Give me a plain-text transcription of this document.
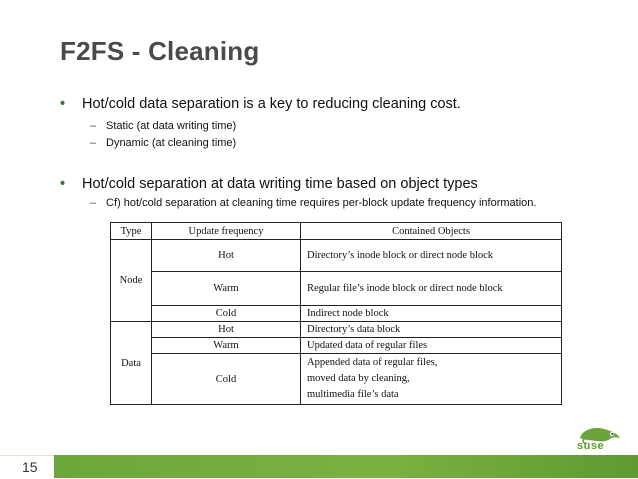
F2FS - Cleaning
• Hot/cold data separation is a key to reducing cleaning cost.
– Static (at data writing time)
– Dynamic (at cleaning time)
• Hot/cold separation at data writing time based on object types
– Cf) hot/cold separation at cleaning time requires per-block update frequency information.
Type	Update frequency	Contained Objects
Node	Hot	Directory’s inode block or direct node block
	Warm	Regular file’s inode block or direct node block
	Cold	Indirect node block
Data	Hot	Directory’s data block
	Warm	Updated data of regular files
	Cold	Appended data of regular files,
moved data by cleaning,
multimedia file’s data
15
suse
